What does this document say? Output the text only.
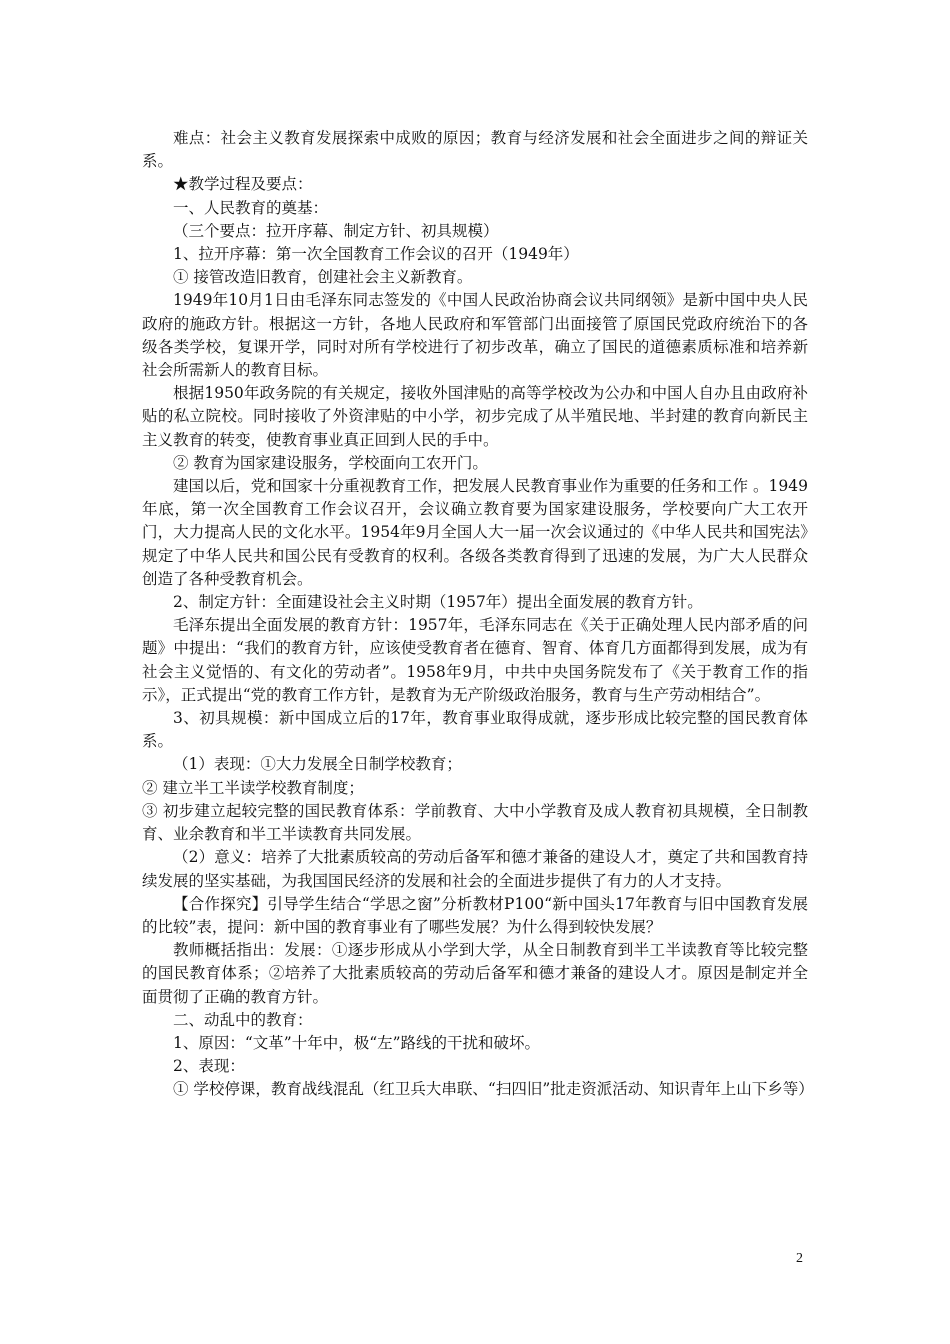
难点：社会主义教育发展探索中成败的原因；教育与经济发展和社会全面进步之间的辩证关系。

★教学过程及要点：

一、人民教育的奠基：

（三个要点：拉开序幕、制定方针、初具规模）

1、拉开序幕：第一次全国教育工作会议的召开（1949年）

① 接管改造旧教育，创建社会主义新教育。

1949年10月1日由毛泽东同志签发的《中国人民政治协商会议共同纲领》是新中国中央人民政府的施政方针。根据这一方针，各地人民政府和军管部门出面接管了原国民党政府统治下的各级各类学校，复课开学，同时对所有学校进行了初步改革，确立了国民的道德素质标准和培养新社会所需新人的教育目标。

根据1950年政务院的有关规定，接收外国津贴的高等学校改为公办和中国人自办且由政府补贴的私立院校。同时接收了外资津贴的中小学，初步完成了从半殖民地、半封建的教育向新民主主义教育的转变，使教育事业真正回到人民的手中。

② 教育为国家建设服务，学校面向工农开门。

建国以后，党和国家十分重视教育工作，把发展人民教育事业作为重要的任务和工作 。1949年底，第一次全国教育工作会议召开，会议确立教育要为国家建设服务，学校要向广大工农开门，大力提高人民的文化水平。1954年9月全国人大一届一次会议通过的《中华人民共和国宪法》规定了中华人民共和国公民有受教育的权利。各级各类教育得到了迅速的发展，为广大人民群众创造了各种受教育机会。

2、制定方针：全面建设社会主义时期（1957年）提出全面发展的教育方针。

毛泽东提出全面发展的教育方针：1957年，毛泽东同志在《关于正确处理人民内部矛盾的问题》中提出：“我们的教育方针，应该使受教育者在德育、智育、体育几方面都得到发展，成为有社会主义觉悟的、有文化的劳动者”。1958年9月，中共中央国务院发布了《关于教育工作的指示》，正式提出“党的教育工作方针，是教育为无产阶级政治服务，教育与生产劳动相结合”。

3、初具规模：新中国成立后的17年，教育事业取得成就，逐步形成比较完整的国民教育体系。

（1）表现：①大力发展全日制学校教育；

② 建立半工半读学校教育制度；

③ 初步建立起较完整的国民教育体系：学前教育、大中小学教育及成人教育初具规模，全日制教育、业余教育和半工半读教育共同发展。

（2）意义：培养了大批素质较高的劳动后备军和德才兼备的建设人才，奠定了共和国教育持续发展的坚实基础，为我国国民经济的发展和社会的全面进步提供了有力的人才支持。

【合作探究】引导学生结合“学思之窗”分析教材P100“新中国头17年教育与旧中国教育发展的比较”表，提问：新中国的教育事业有了哪些发展？为什么得到较快发展？

教师概括指出：发展：①逐步形成从小学到大学，从全日制教育到半工半读教育等比较完整的国民教育体系；②培养了大批素质较高的劳动后备军和德才兼备的建设人才。原因是制定并全面贯彻了正确的教育方针。

二、动乱中的教育：

1、原因：“文革”十年中，极“左”路线的干扰和破坏。

2、表现：

① 学校停课，教育战线混乱（红卫兵大串联、“扫四旧”批走资派活动、知识青年上山下乡等）

2
